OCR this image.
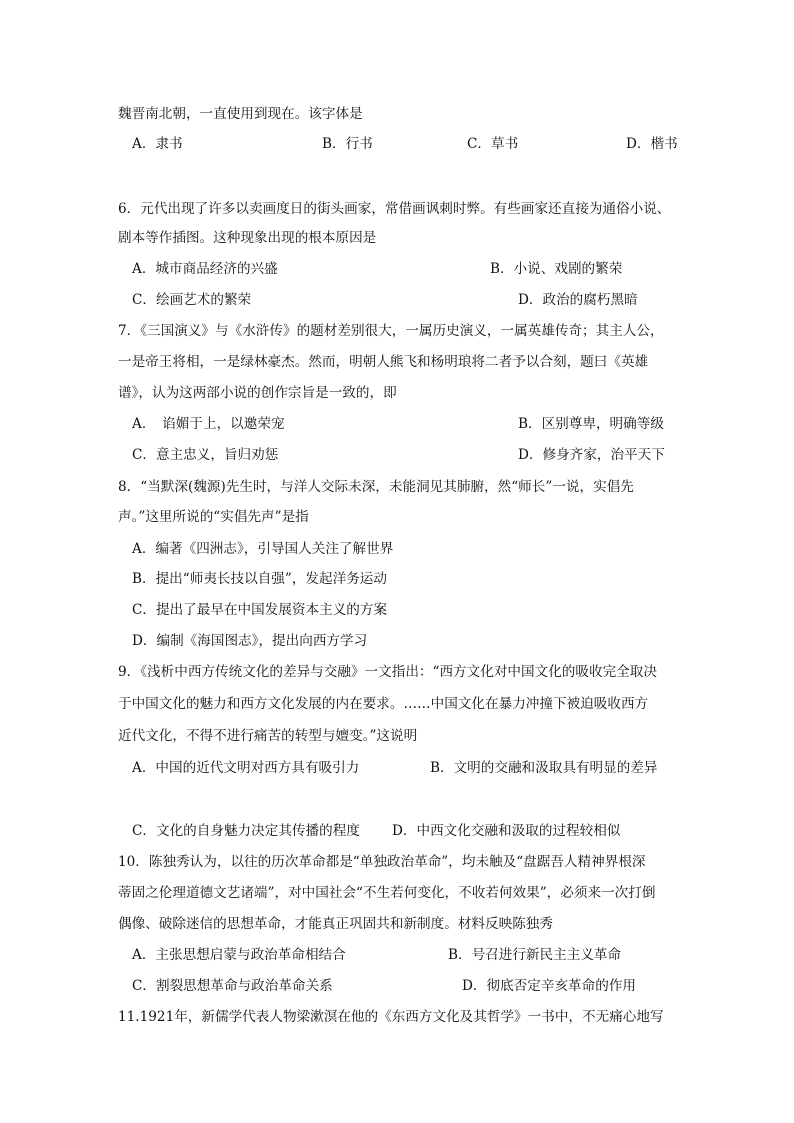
魏晋南北朝，一直使用到现在。该字体是
A．隶书	B．行书	C．草书	D．楷书
6．元代出现了许多以卖画度日的街头画家，常借画讽刺时弊。有些画家还直接为通俗小说、
剧本等作插图。这种现象出现的根本原因是
A．城市商品经济的兴盛	B．小说、戏剧的繁荣
C．绘画艺术的繁荣	D．政治的腐朽黑暗
7．《三国演义》与《水浒传》的题材差别很大，一属历史演义，一属英雄传奇；其主人公，
一是帝王将相，一是绿林豪杰。然而，明朝人熊飞和杨明琅将二者予以合刻，题曰《英雄
谱》，认为这两部小说的创作宗旨是一致的，即
A．　谄媚于上，以邀荣宠	B．区别尊卑，明确等级
C．意主忠义，旨归劝惩	D．修身齐家，治平天下
8．“当默深(魏源)先生时，与洋人交际未深，未能洞见其肺腑，然“师长”一说，实倡先
声。”这里所说的“实倡先声”是指
A．编著《四洲志》，引导国人关注了解世界
B．提出“师夷长技以自强”，发起洋务运动
C．提出了最早在中国发展资本主义的方案
D．编制《海国图志》，提出向西方学习
9．《浅析中西方传统文化的差异与交融》一文指出：“西方文化对中国文化的吸收完全取决
于中国文化的魅力和西方文化发展的内在要求。……中国文化在暴力冲撞下被迫吸收西方
近代文化，不得不进行痛苦的转型与嬗变。”这说明
A．中国的近代文明对西方具有吸引力	B．文明的交融和汲取具有明显的差异
C．文化的自身魅力决定其传播的程度 D．中西文化交融和汲取的过程较相似
10．陈独秀认为，以往的历次革命都是“单独政治革命”，均未触及“盘踞吾人精神界根深
蒂固之伦理道德文艺诸端”，对中国社会“不生若何变化，不收若何效果”，必须来一次打倒
偶像、破除迷信的思想革命，才能真正巩固共和新制度。材料反映陈独秀
A．主张思想启蒙与政治革命相结合	B．号召进行新民主主义革命
C．割裂思想革命与政治革命关系	D．彻底否定辛亥革命的作用
11.1921年，新儒学代表人物梁漱溟在他的《东西方文化及其哲学》一书中，不无痛心地写
